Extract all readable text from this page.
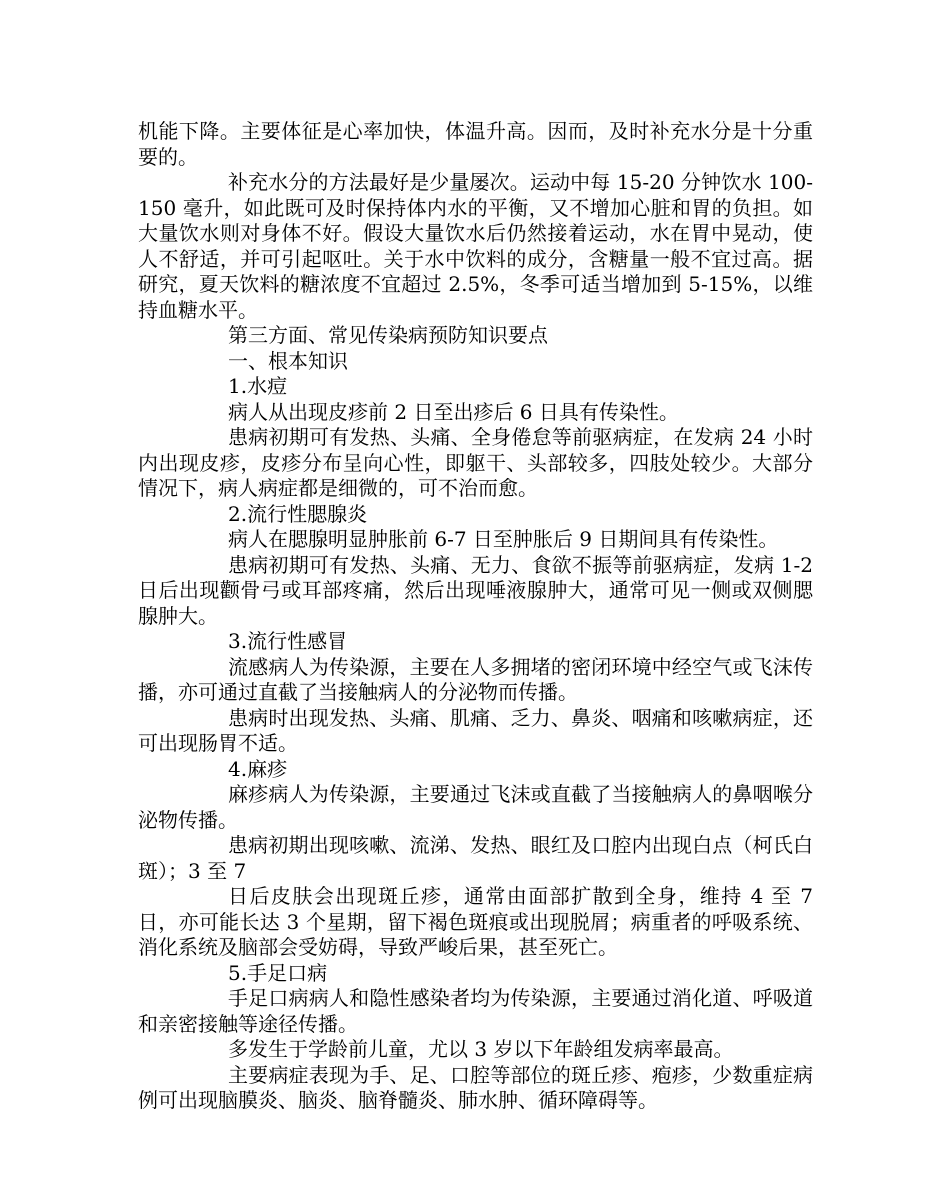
机能下降。主要体征是心率加快，体温升高。因而，及时补充水分是十分重要的。

补充水分的方法最好是少量屡次。运动中每 15-20 分钟饮水 100-150 毫升，如此既可及时保持体内水的平衡，又不增加心脏和胃的负担。如大量饮水则对身体不好。假设大量饮水后仍然接着运动，水在胃中晃动，使人不舒适，并可引起呕吐。关于水中饮料的成分，含糖量一般不宜过高。据研究，夏天饮料的糖浓度不宜超过 2.5%，冬季可适当增加到 5-15%，以维持血糖水平。

第三方面、常见传染病预防知识要点

一、根本知识

1.水痘

病人从出现皮疹前 2 日至出疹后 6 日具有传染性。

患病初期可有发热、头痛、全身倦怠等前驱病症，在发病 24 小时内出现皮疹，皮疹分布呈向心性，即躯干、头部较多，四肢处较少。大部分情况下，病人病症都是细微的，可不治而愈。

2.流行性腮腺炎

病人在腮腺明显肿胀前 6-7 日至肿胀后 9 日期间具有传染性。

患病初期可有发热、头痛、无力、食欲不振等前驱病症，发病 1-2 日后出现颧骨弓或耳部疼痛，然后出现唾液腺肿大，通常可见一侧或双侧腮腺肿大。

3.流行性感冒

流感病人为传染源，主要在人多拥堵的密闭环境中经空气或飞沫传播，亦可通过直截了当接触病人的分泌物而传播。

患病时出现发热、头痛、肌痛、乏力、鼻炎、咽痛和咳嗽病症，还可出现肠胃不适。

4.麻疹

麻疹病人为传染源，主要通过飞沫或直截了当接触病人的鼻咽喉分泌物传播。

患病初期出现咳嗽、流涕、发热、眼红及口腔内出现白点（柯氏白斑）；3 至 7

日后皮肤会出现斑丘疹，通常由面部扩散到全身，维持 4 至 7 日，亦可能长达 3 个星期，留下褐色斑痕或出现脱屑；病重者的呼吸系统、消化系统及脑部会受妨碍，导致严峻后果，甚至死亡。

5.手足口病

手足口病病人和隐性感染者均为传染源，主要通过消化道、呼吸道和亲密接触等途径传播。

多发生于学龄前儿童，尤以 3 岁以下年龄组发病率最高。

主要病症表现为手、足、口腔等部位的斑丘疹、疱疹，少数重症病例可出现脑膜炎、脑炎、脑脊髓炎、肺水肿、循环障碍等。
